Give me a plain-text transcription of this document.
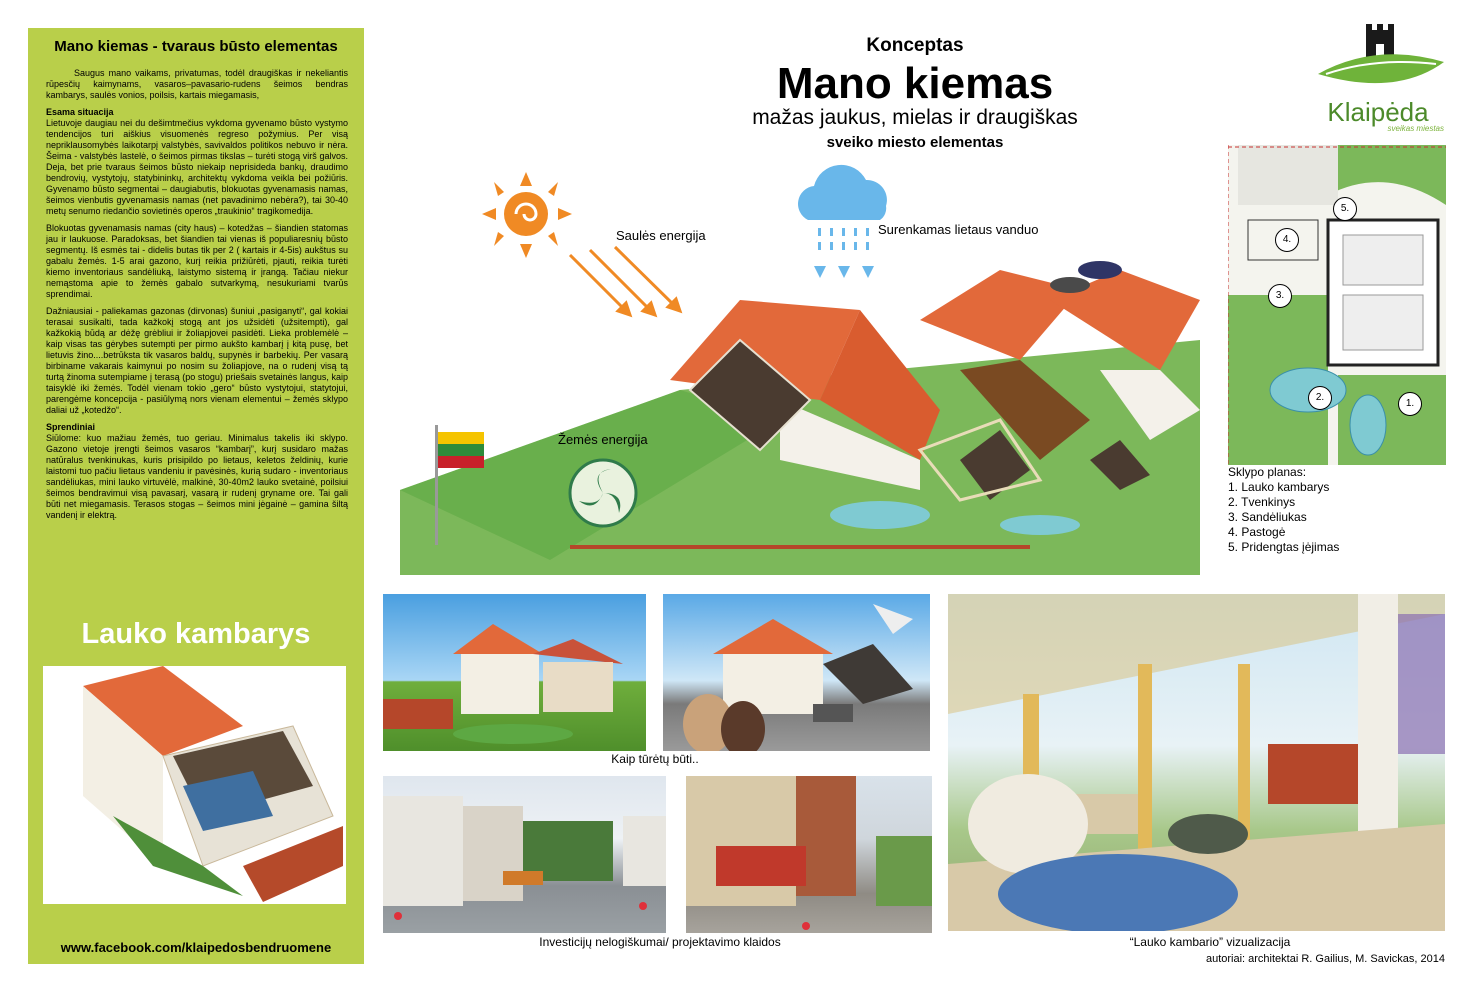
Mano kiemas - tvaraus būsto elementas

Saugus mano vaikams, privatumas, todėl draugiškas ir nekeliantis rūpesčių kaimynams, vasaros–pavasario-rudens šeimos bendras kambarys, saulės vonios, poilsis, kartais miegamasis,

Esama situacija

Lietuvoje daugiau nei du dešimtmečius vykdoma gyvenamo būsto vystymo tendencijos turi aiškius visuomenės regreso požymius. Per visą nepriklausomybės laikotarpį valstybės, savivaldos politikos nebuvo ir nėra. Šeima - valstybės lastelė, o šeimos pirmas tikslas – turėti stogą virš galvos. Deja, bet prie tvaraus šeimos būsto niekaip neprisideda bankų, draudimo bendrovių, vystytojų, statybininkų, architektų vykdoma veikla bei požiūris. Gyvenamo būsto segmentai – daugiabutis, blokuotas gyvenamasis namas, šeimos vienbutis gyvenamasis namas (net pavadinimo nebėra?), tai 30-40 metų senumo riedančio sovietinės operos „traukinio“ tragikomedija.

Blokuotas gyvenamasis namas (city haus) – kotedžas – šiandien statomas jau ir laukuose. Paradoksas, bet šiandien tai vienas iš populiaresnių būsto segmentų. Iš esmės tai - didelis butas tik per 2 ( kartais ir 4-5is) aukštus su gabalu žemės. 1-5 arai gazono, kurį reikia prižiūrėti, pjauti, reikia turėti kiemo inventoriaus sandėliuką, laistymo sistemą ir įrangą. Tačiau niekur nemąstoma apie to žemės gabalo sutvarkymą, nesukuriami tvarūs sprendimai.

Dažniausiai - paliekamas gazonas (dirvonas) šuniui „pasiganyti“, gal kokiai terasai susikalti, tada kažkokį stogą ant jos užsidėti (užsitempti), gal kažkokią būdą ar dėžę grėbliui ir žoliapjovei pasidėti. Lieka problemėlė –kaip visas tas gėrybes sutempti per pirmo aukšto kambarį į kitą pusę, bet lietuvis žino....betrūksta tik vasaros baldų, supynės ir barbekių. Per vasarą birbiname vakarais kaimynui po nosim su žoliapjove, na o rudenį visą tą turtą žinoma sutempiame į terasą (po stogu) priešais svetainės langus, kaip taisyklė iki žemės. Todėl vienam tokio „gero“ būsto vystytojui, statytojui, parengėme koncepcija - pasiūlymą nors vienam elementui – žemės sklypo daliai už „kotedžo“.

Sprendiniai

Siūlome: kuo mažiau žemės, tuo geriau. Minimalus takelis iki sklypo. Gazono vietoje įrengti šeimos vasaros “kambarį”, kurį susidaro mažas natūralus tvenkinukas, kuris prisipildo po lietaus, keletos želdinių, kurie laistomi tuo pačiu lietaus vandeniu ir pavėsinės, kurią sudaro - inventoriaus sandėliukas, mini lauko virtuvėlė, malkinė, 30-40m2 lauko svetainė, poilsiui šeimos bendravimui visą pavasarį, vasarą ir rudenį gryname ore. Tai gali būti net miegamasis. Terasos stogas – šeimos mini jėgainė – gamina šiltą vandenį ir elektrą.

Lauko kambarys
www.facebook.com/klaipedosbendruomene
Konceptas
Mano kiemas
mažas jaukus, mielas ir draugiškas
sveiko miesto elementas
Klaipėda
sveikas miestas
Saulės energija	Surenkamas lietaus vanduo
Žemės energija
1.
2.
3.
4.
5.
Sklypo planas:
1. Lauko kambarys
2. Tvenkinys
3. Sandėliukas
4. Pastogė
5. Pridengtas įėjimas
Kaip tūrėtų būti..
Investicijų nelogiškumai/ projektavimo klaidos	“Lauko kambario” vizualizacija
autoriai: architektai R. Gailius, M. Savickas, 2014
